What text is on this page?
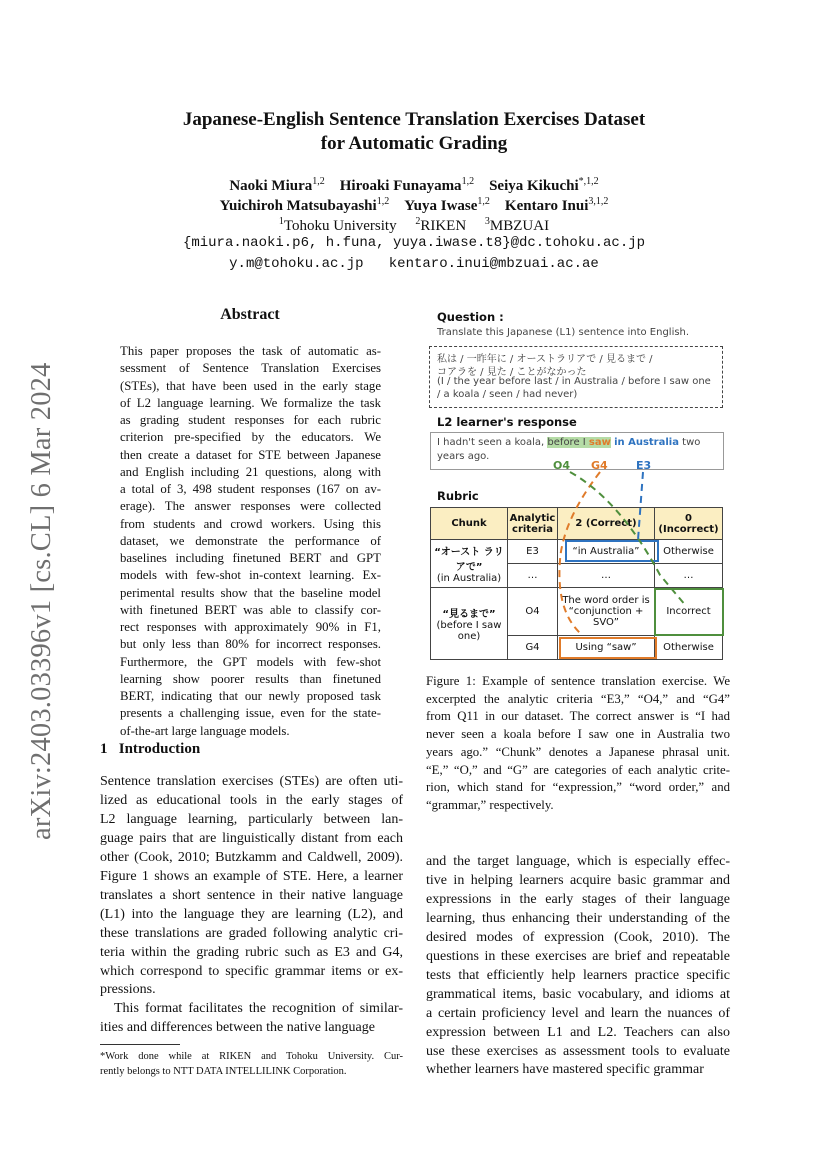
arXiv:2403.03396v1 [cs.CL] 6 Mar 2024
Japanese-English Sentence Translation Exercises Dataset
for Automatic Grading
Naoki Miura$^{1,2}$ Hiroaki Funayama$^{1,2}$ Seiya Kikuchi$^{*,1,2}$
Yuichiroh Matsubayashi$^{1,2}$ Yuya Iwase$^{1,2}$ Kentaro Inui$^{3,1,2}$
$^1$Tohoku University $^2$RIKEN $^3$MBZUAI
{miura.naoki.p6, h.funa, yuya.iwase.t8}@dc.tohoku.ac.jp
y.m@tohoku.ac.jp   kentaro.inui@mbzuai.ac.ae
Abstract
This paper proposes the task of automatic as-
sessment of Sentence Translation Exercises
(STEs), that have been used in the early stage
of L2 language learning. We formalize the task
as grading student responses for each rubric
criterion pre-specified by the educators. We
then create a dataset for STE between Japanese
and English including 21 questions, along with
a total of 3, 498 student responses (167 on av-
erage). The answer responses were collected
from students and crowd workers. Using this
dataset, we demonstrate the performance of
baselines including finetuned BERT and GPT
models with few-shot in-context learning. Ex-
perimental results show that the baseline model
with finetuned BERT was able to classify cor-
rect responses with approximately 90% in F1,
but only less than 80% for incorrect responses.
Furthermore, the GPT models with few-shot
learning show poorer results than finetuned
BERT, indicating that our newly proposed task
presents a challenging issue, even for the state-
of-the-art large language models.
1 Introduction
Sentence translation exercises (STEs) are often uti-
lized as educational tools in the early stages of
L2 language learning, particularly between lan-
guage pairs that are linguistically distant from each
other (Cook, 2010; Butzkamm and Caldwell, 2009).
Figure 1 shows an example of STE. Here, a learner
translates a short sentence in their native language
(L1) into the language they are learning (L2), and
these translations are graded following analytic cri-
teria within the grading rubric such as E3 and G4,
which correspond to specific grammar items or ex-
pressions.
This format facilitates the recognition of similar-
ities and differences between the native language
and the target language, which is especially effec-
tive in helping learners acquire basic grammar and
expressions in the early stages of their language
learning, thus enhancing their understanding of the
desired modes of expression (Cook, 2010). The
questions in these exercises are brief and repeatable
tests that efficiently help learners practice specific
grammatical items, basic vocabulary, and idioms at
a certain proficiency level and learn the nuances of
expression between L1 and L2. Teachers can also
use these exercises as assessment tools to evaluate
whether learners have mastered specific grammar
*Work done while at RIKEN and Tohoku University. Cur-
rently belongs to NTT DATA INTELLILINK Corporation.
Question :
Translate this Japanese (L1) sentence into English.
私は / 一昨年に / オーストラリアで / 見るまで /
コアラを / 見た / ことがなかった
(I / the year before last / in Australia / before I saw one
/ a koala / seen / had never)
L2 learner's response
I hadn't seen a koala, before I saw in Australia two
years ago.
O4 G4	E3
Rubric
Chunk	Analytic criteria	2 (Correct)	0 (Incorrect)

“オースト ラリアで”
(in Australia)	E3	“in Australia”	Otherwise
	…	…	…

“見るまで”
(before I saw one)	O4	The word order is “conjunction + SVO”	Incorrect
	G4	Using “saw”	Otherwise
Figure 1: Example of sentence translation exercise. We
excerpted the analytic criteria “E3,” “O4,” and “G4”
from Q11 in our dataset. The correct answer is “I had
never seen a koala before I saw one in Australia two
years ago.” “Chunk” denotes a Japanese phrasal unit.
“E,” “O,” and “G” are categories of each analytic crite-
rion, which stand for “expression,” “word order,” and
“grammar,” respectively.
